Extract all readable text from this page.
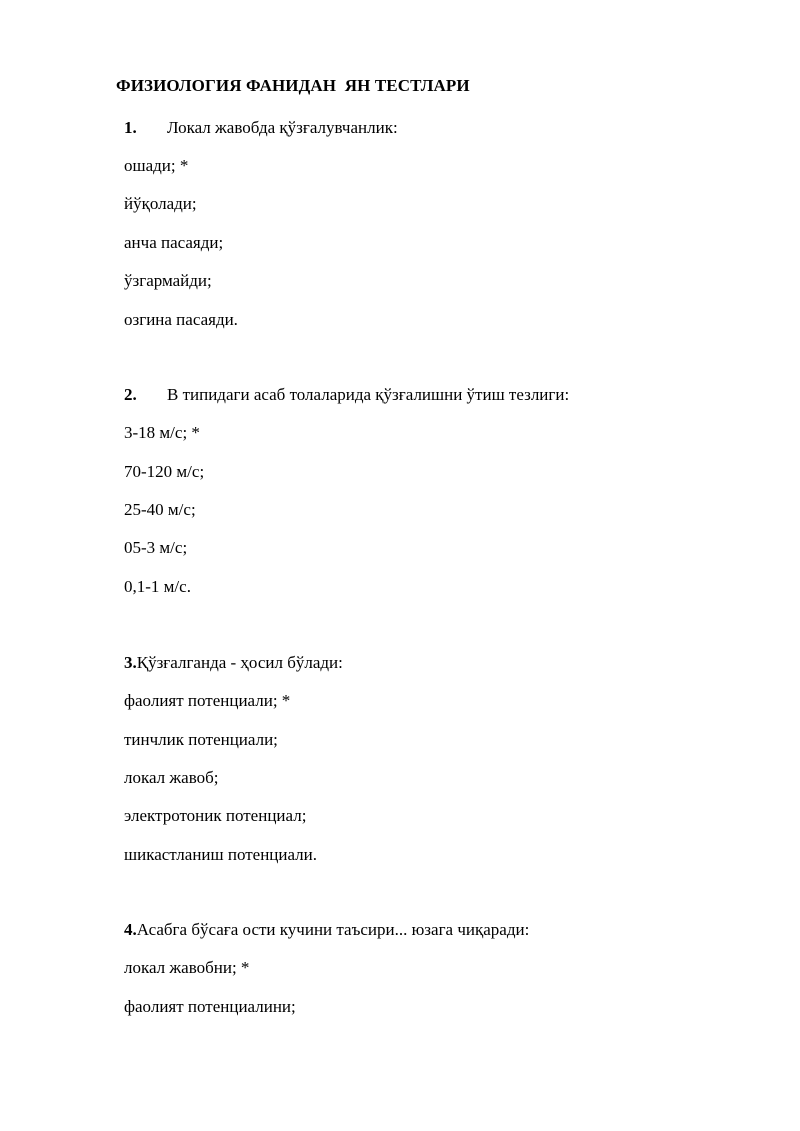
ФИЗИОЛОГИЯ ФАНИДАН  ЯН ТЕСТЛАРИ
1. Локал жавобда қўзғалувчанлик:
ошади; *
йўқолади;
анча пасаяди;
ўзгармайди;
озгина пасаяди.
2. В типидаги асаб толаларида қўзғалишни ўтиш тезлиги:
3-18 м/с; *
70-120 м/с;
25-40 м/с;
05-3 м/с;
0,1-1 м/с.
3.Қўзғалганда - ҳосил бўлади:
фаолият потенциали; *
тинчлик потенциали;
локал жавоб;
электротоник потенциал;
шикастланиш потенциали.
4.Асабга бўсаға ости кучини таъсири... юзага чиқаради:
локал жавобни; *
фаолият потенциалини;
